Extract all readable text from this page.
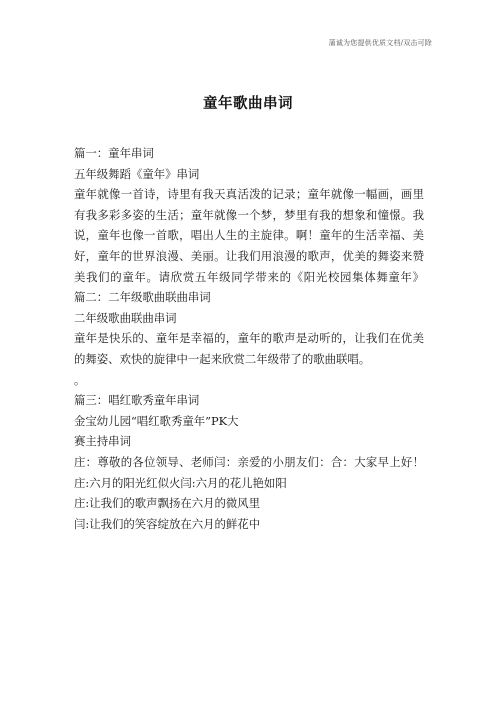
蒲诚为您提供优质文档/双击可除
童年歌曲串词
篇一：童年串词
五年级舞蹈《童年》串词
童年就像一首诗，诗里有我天真活泼的记录；童年就像一幅画，画里
有我多彩多姿的生活；童年就像一个梦，梦里有我的想象和憧憬。我
说，童年也像一首歌，唱出人生的主旋律。啊！童年的生活幸福、美
好，童年的世界浪漫、美丽。让我们用浪漫的歌声，优美的舞姿来赞
美我们的童年。请欣赏五年级同学带来的《阳光校园集体舞童年》
篇二：二年级歌曲联曲串词
二年级歌曲联曲串词
童年是快乐的、童年是幸福的，童年的歌声是动听的，让我们在优美
的舞姿、欢快的旋律中一起来欣赏二年级带了的歌曲联唱。
。
篇三：唱红歌秀童年串词
金宝幼儿园“唱红歌秀童年”PK大
赛主持串词
庄：尊敬的各位领导、老师闫：亲爱的小朋友们：合：大家早上好！
庄:六月的阳光红似火闫:六月的花儿艳如阳
庄:让我们的歌声飘扬在六月的微风里
闫:让我们的笑容绽放在六月的鲜花中
